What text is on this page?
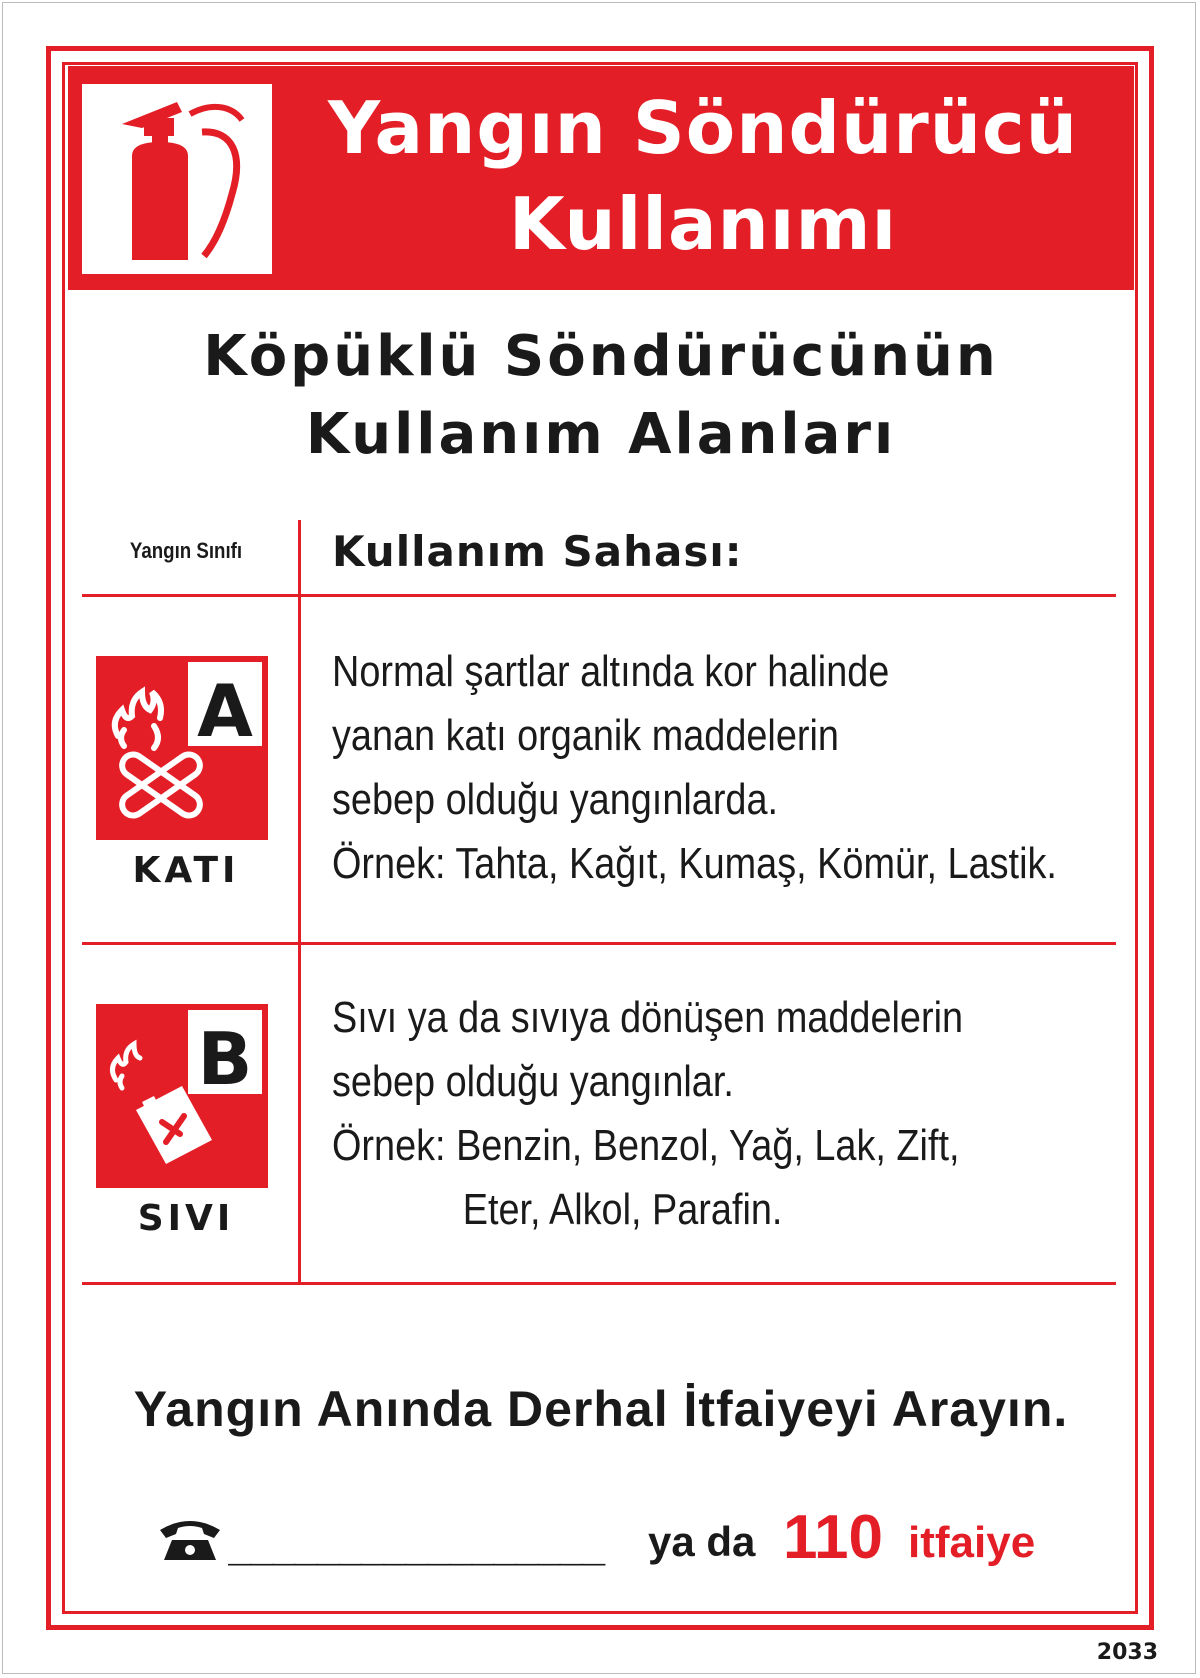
Yangın Söndürücü
Kullanımı
Köpüklü Söndürücünün
Kullanım Alanları
Yangın Sınıfı	Kullanım Sahası:
A
KATI
Normal şartlar altında kor halinde
yanan katı organik maddelerin
sebep olduğu yangınlarda.
Örnek: Tahta, Kağıt, Kumaş, Kömür, Lastik.
B
SIVI
Sıvı ya da sıvıya dönüşen maddelerin
sebep olduğu yangınlar.
Örnek: Benzin, Benzol, Yağ, Lak, Zift,
Eter, Alkol, Parafin.
Yangın Anında Derhal İtfaiyeyi Arayın.
_________________ ya da 110 itfaiye
2033
